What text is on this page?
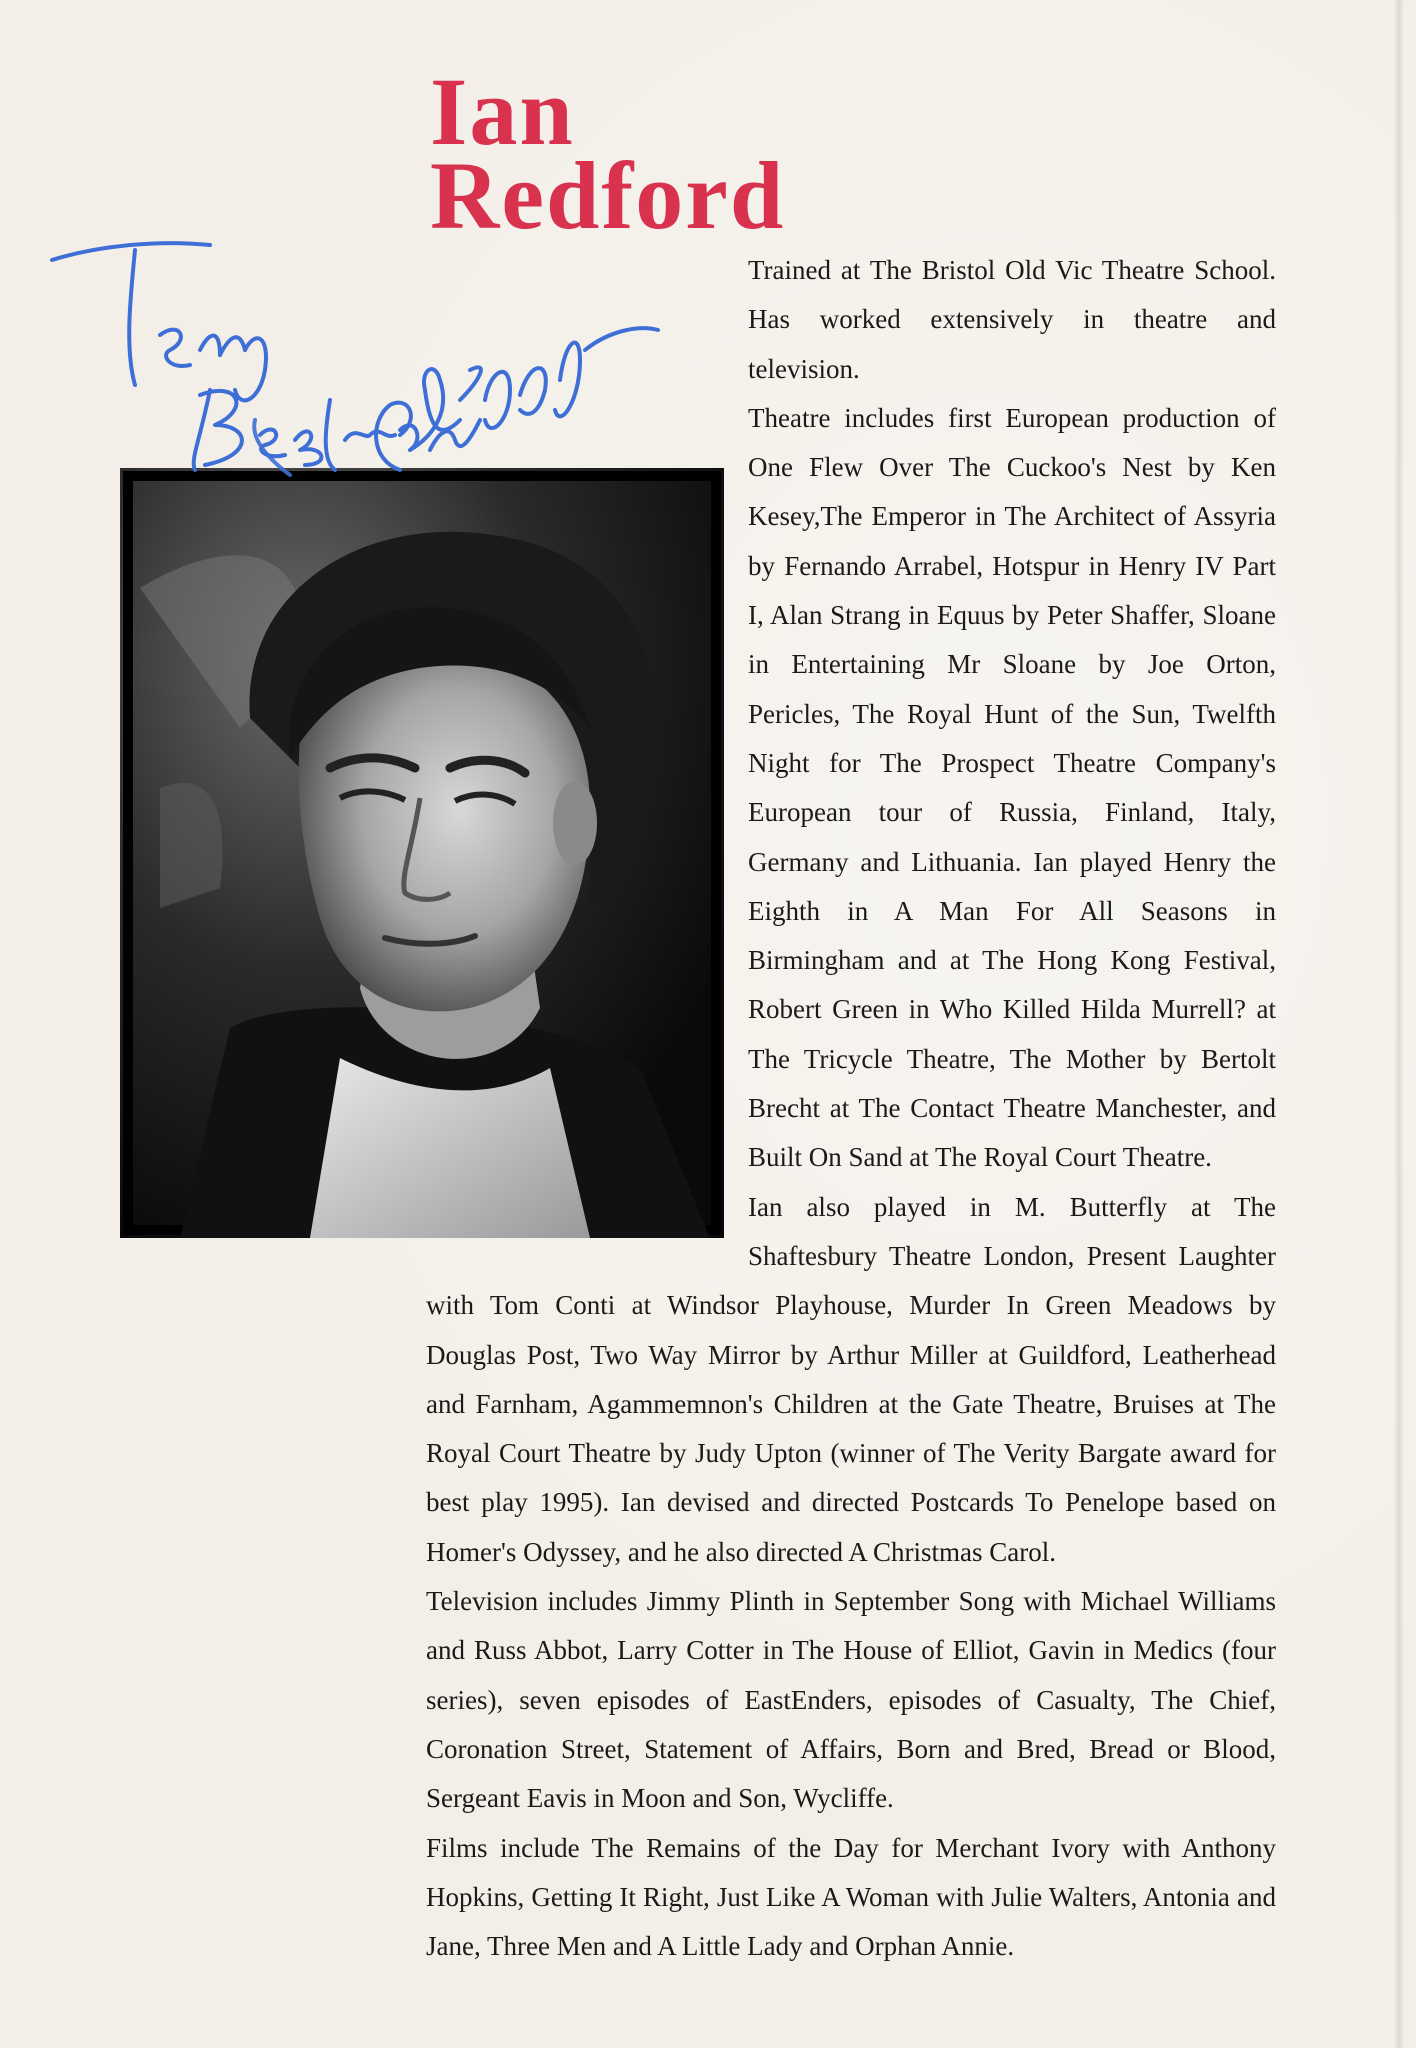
Ian
Redford

Trained at The Bristol Old Vic Theatre School. Has worked extensively in theatre and television.

Theatre includes first European production of One Flew Over The Cuckoo's Nest by Ken Kesey,The Emperor in The Architect of Assyria by Fernando Arrabel, Hotspur in Henry IV Part I, Alan Strang in Equus by Peter Shaffer, Sloane in Entertaining Mr Sloane by Joe Orton, Pericles, The Royal Hunt of the Sun, Twelfth Night for The Prospect Theatre Company's European tour of Russia, Finland, Italy, Germany and Lithuania. Ian played Henry the Eighth in A Man For All Seasons in Birmingham and at The Hong Kong Festival, Robert Green in Who Killed Hilda Murrell? at The Tricycle Theatre, The Mother by Bertolt Brecht at The Contact Theatre Manchester, and Built On Sand at The Royal Court Theatre.

Ian also played in M. Butterfly at The Shaftesbury Theatre London, Present Laughter with Tom Conti at Windsor Playhouse, Murder In Green Meadows by Douglas Post, Two Way Mirror by Arthur Miller at Guildford, Leatherhead and Farnham, Agammemnon's Children at the Gate Theatre, Bruises at The Royal Court Theatre by Judy Upton (winner of The Verity Bargate award for best play 1995). Ian devised and directed Postcards To Penelope based on Homer's Odyssey, and he also directed A Christmas Carol.

Television includes Jimmy Plinth in September Song with Michael Williams and Russ Abbot, Larry Cotter in The House of Elliot, Gavin in Medics (four series), seven episodes of EastEnders, episodes of Casualty, The Chief, Coronation Street, Statement of Affairs, Born and Bred, Bread or Blood, Sergeant Eavis in Moon and Son, Wycliffe.

Films include The Remains of the Day for Merchant Ivory with Anthony Hopkins, Getting It Right, Just Like A Woman with Julie Walters, Antonia and Jane, Three Men and A Little Lady and Orphan Annie.
